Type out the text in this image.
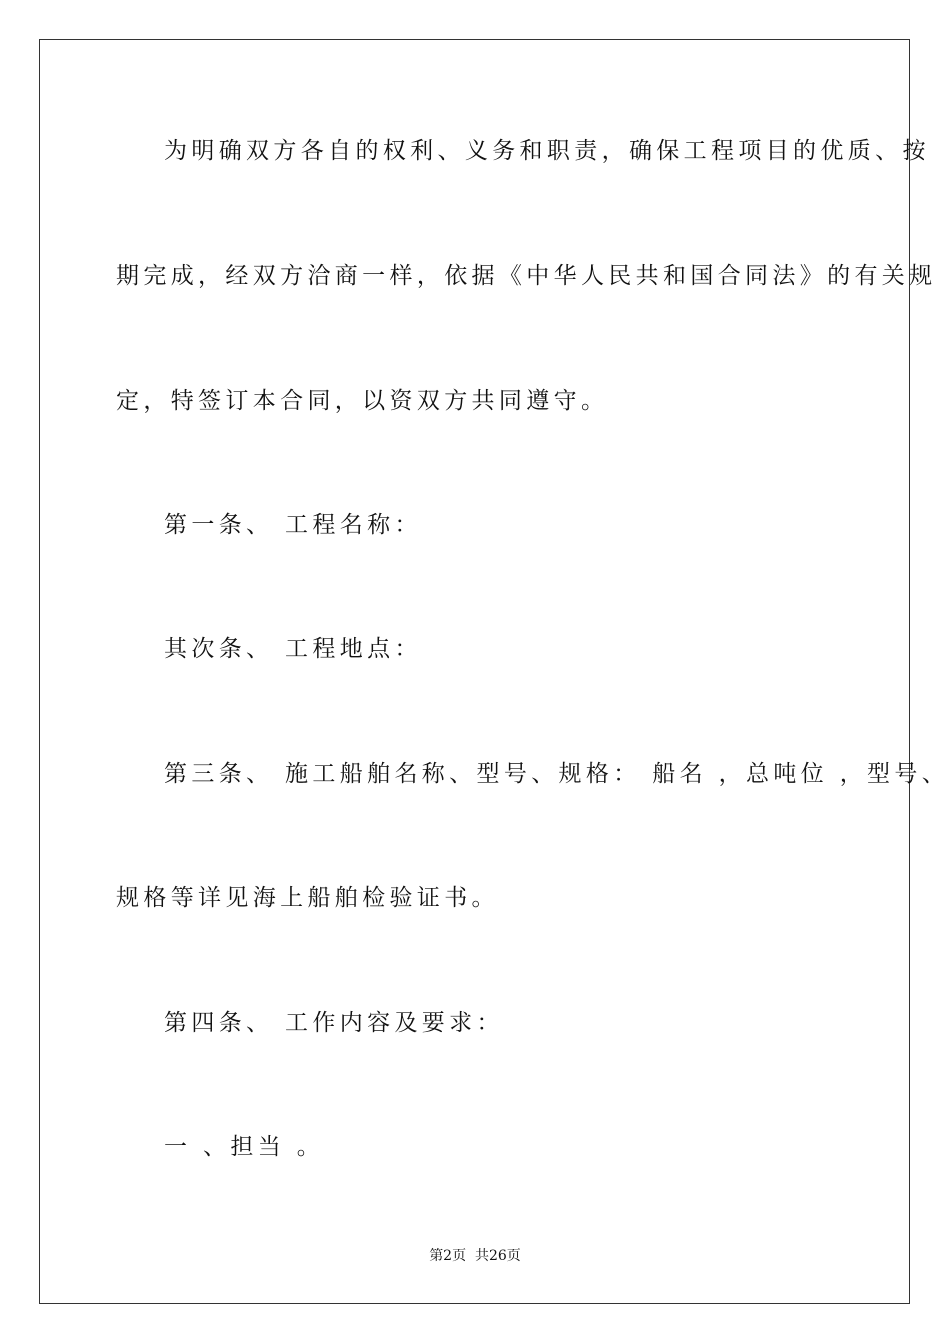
为明确双方各自的权利、义务和职责，确保工程项目的优质、按
期完成，经双方洽商一样，依据《中华人民共和国合同法》的有关规
定，特签订本合同，以资双方共同遵守。
第一条、 工程名称：
其次条、 工程地点：
第三条、 施工船舶名称、型号、规格： 船名 ，总吨位 ，型号、
规格等详见海上船舶检验证书。
第四条、 工作内容及要求：
一 、担当 。
第2页  共26页
